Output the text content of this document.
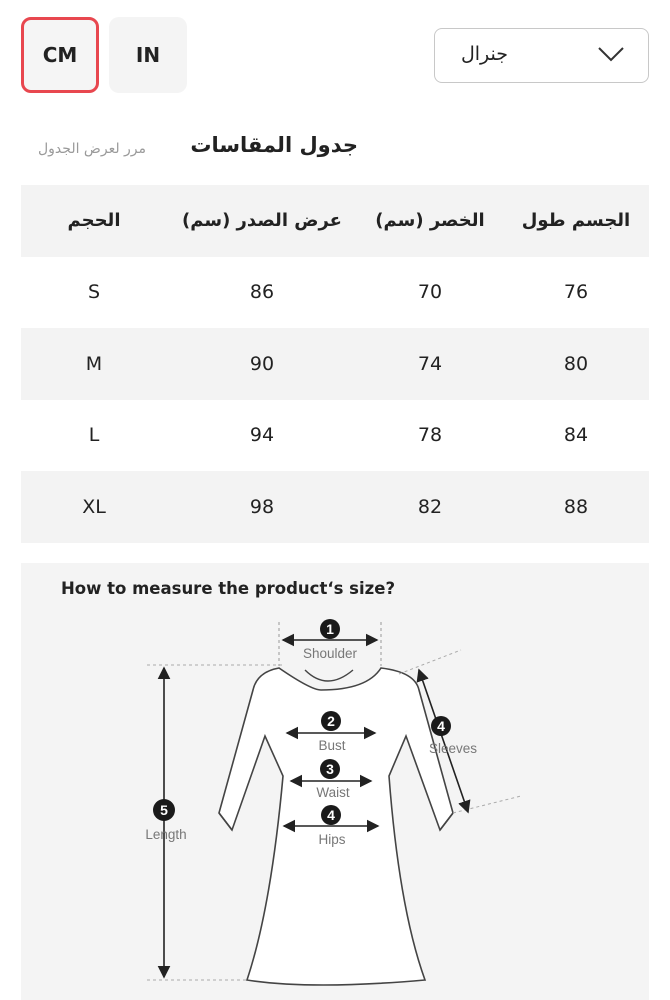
CM	IN	جنرال
مرر لعرض الجدول جدول المقاسات
الحجم	(عرض الصدر (سم	(الخصر (سم	الجسم طول
S	86	70	76
M	90	74	80
L	94	78	84
XL	98	82	88
How to measure the product‘s size?
1
Shoulder
2
Bust
3
Waist
4
Hips
4
Sleeves
5
Length
